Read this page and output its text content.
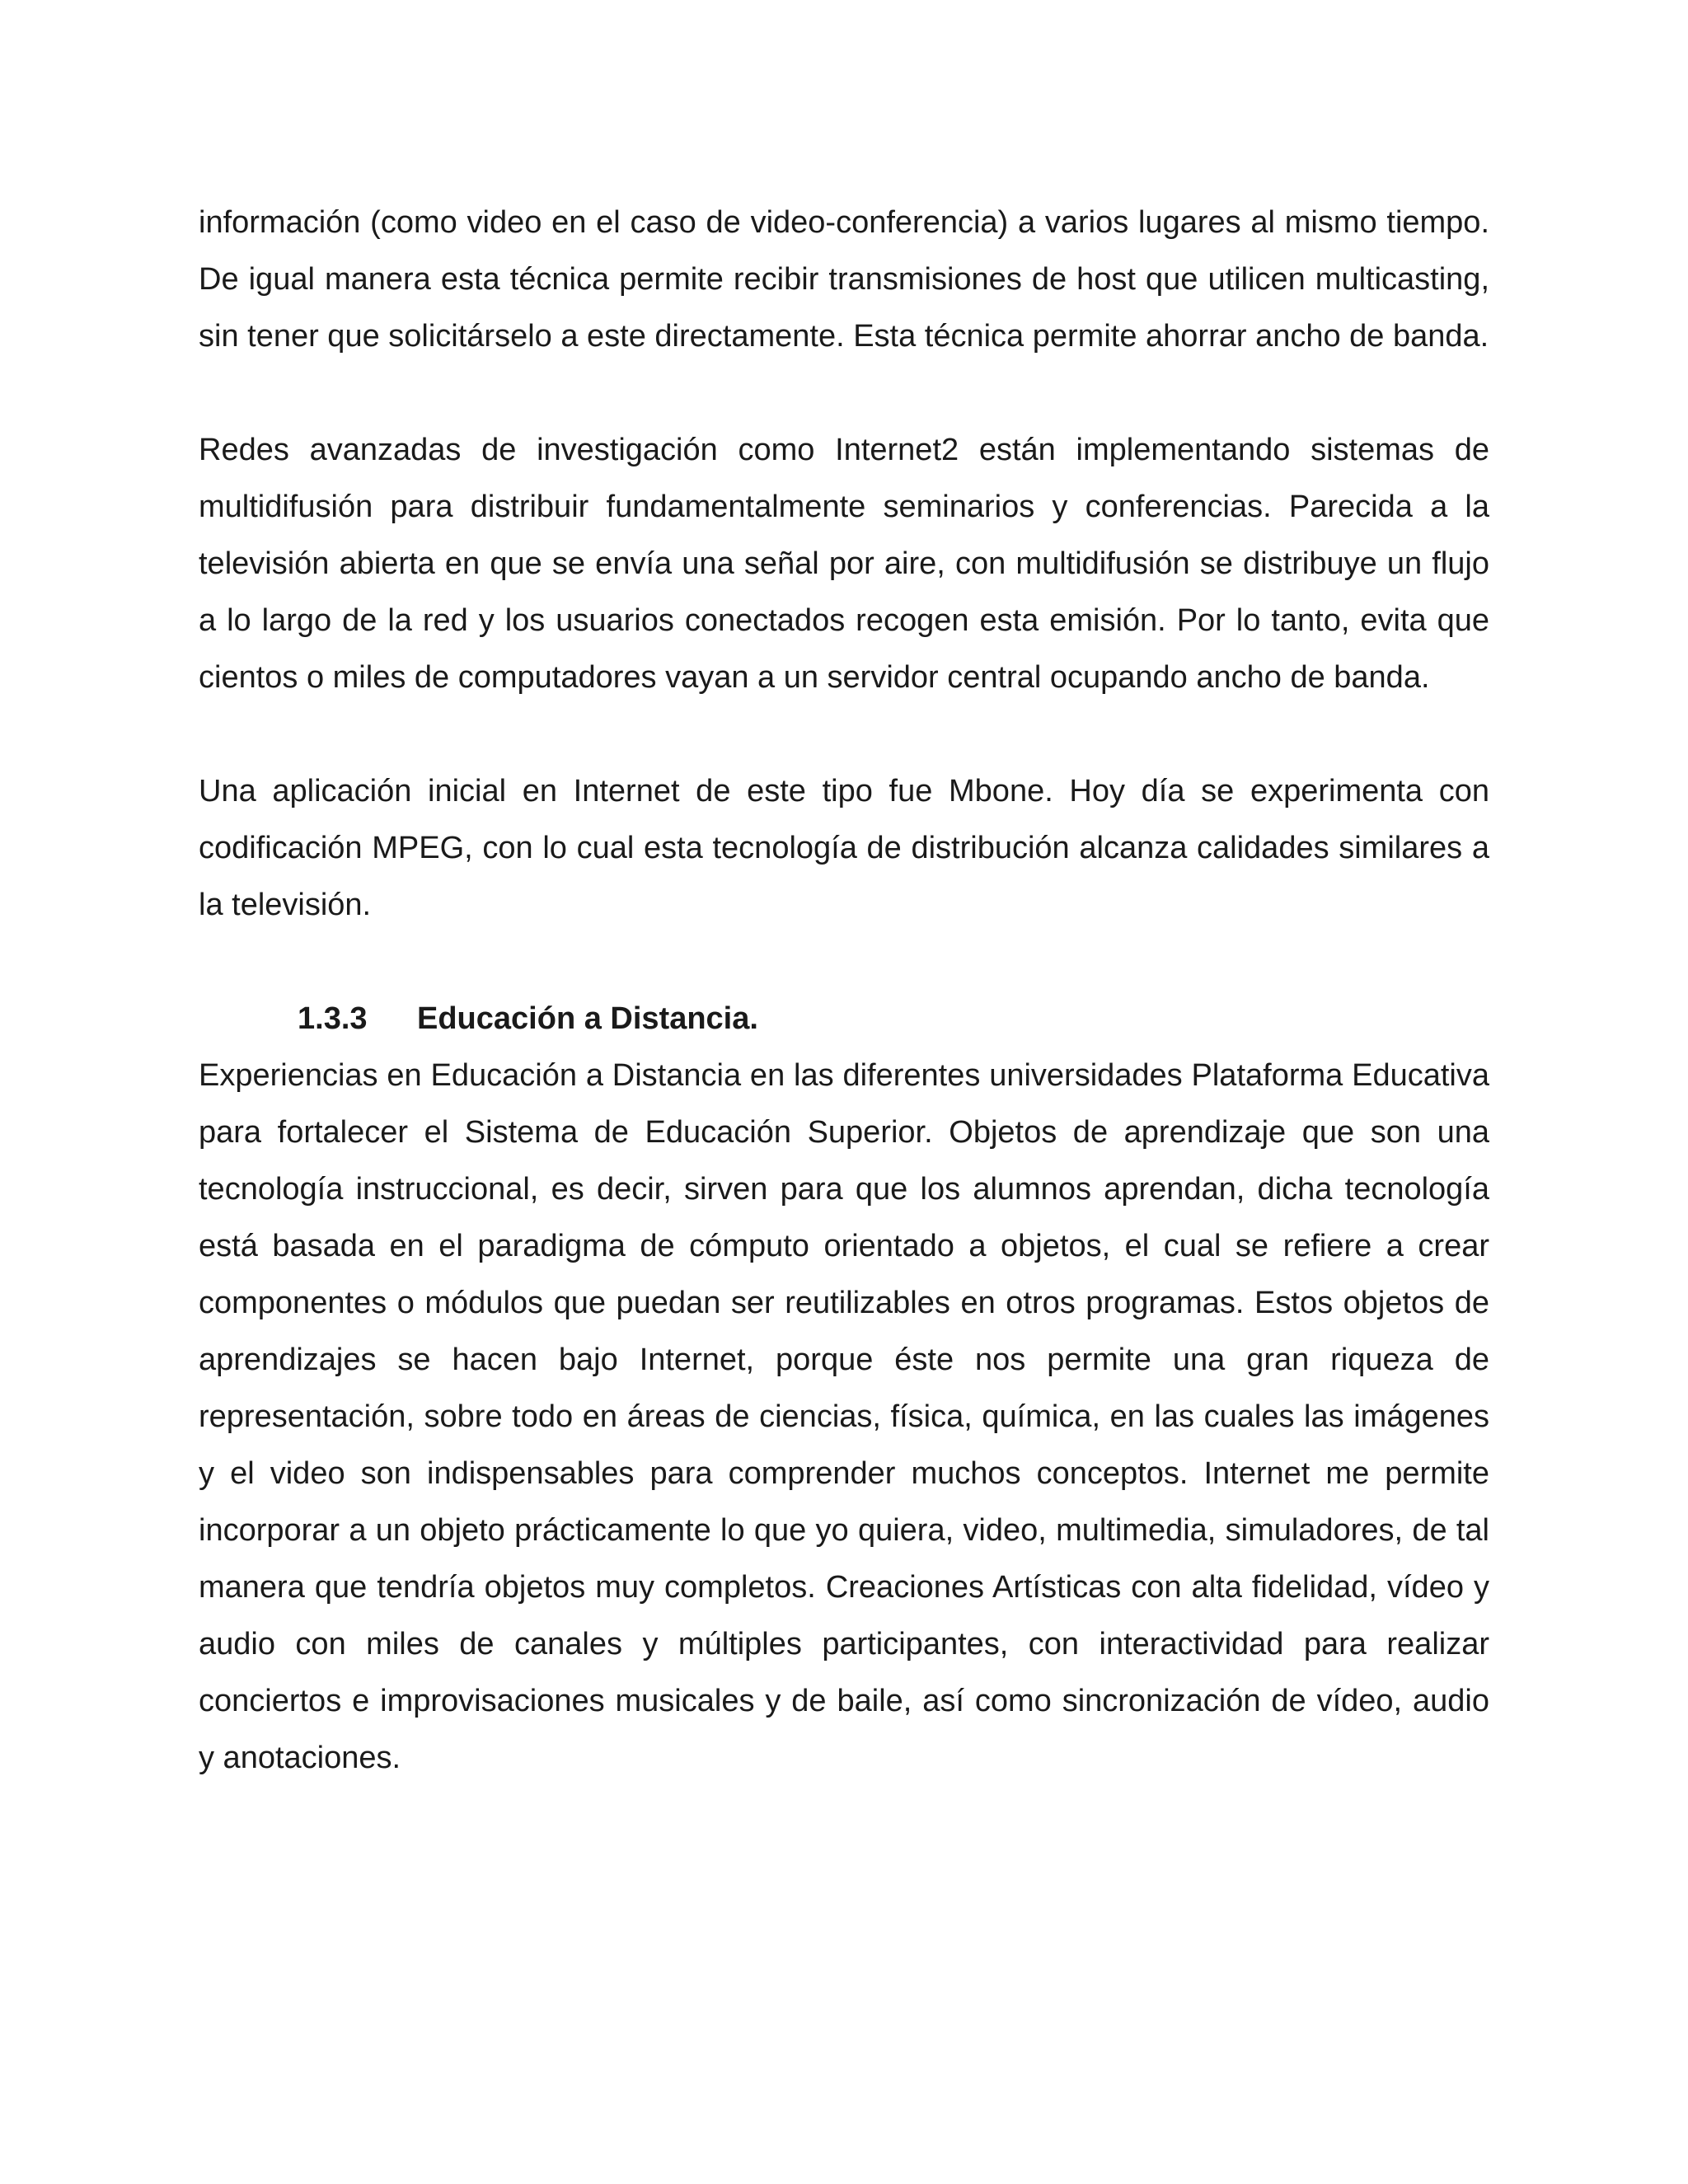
información (como video en el caso de video-conferencia) a varios lugares al mismo tiempo. De igual manera esta técnica permite recibir transmisiones de host que utilicen multicasting, sin tener que solicitárselo a este directamente. Esta técnica permite ahorrar ancho de banda.

Redes avanzadas de investigación como Internet2 están implementando sistemas de multidifusión para distribuir fundamentalmente seminarios y conferencias. Parecida a la televisión abierta en que se envía una señal por aire, con multidifusión se distribuye un flujo a lo largo de la red y los usuarios conectados recogen esta emisión. Por lo tanto, evita que cientos o miles de computadores vayan a un servidor central ocupando ancho de banda.

Una aplicación inicial en Internet de este tipo fue Mbone. Hoy día se experimenta con codificación MPEG, con lo cual esta tecnología de distribución alcanza calidades similares a la televisión.

1.3.3 Educación a Distancia.

Experiencias en Educación a Distancia en las diferentes universidades Plataforma Educativa para fortalecer el Sistema de Educación Superior. Objetos de aprendizaje que son una tecnología instruccional, es decir, sirven para que los alumnos aprendan, dicha tecnología está basada en el paradigma de cómputo orientado a objetos, el cual se refiere a crear componentes o módulos que puedan ser reutilizables en otros programas. Estos objetos de aprendizajes se hacen bajo Internet, porque éste nos permite una gran riqueza de representación, sobre todo en áreas de ciencias, física, química, en las cuales las imágenes y el video son indispensables para comprender muchos conceptos. Internet me permite incorporar a un objeto prácticamente lo que yo quiera, video, multimedia, simuladores, de tal manera que tendría objetos muy completos. Creaciones Artísticas con alta fidelidad, vídeo y audio con miles de canales y múltiples participantes, con interactividad para realizar conciertos e improvisaciones musicales y de baile, así como sincronización de vídeo, audio y anotaciones.
